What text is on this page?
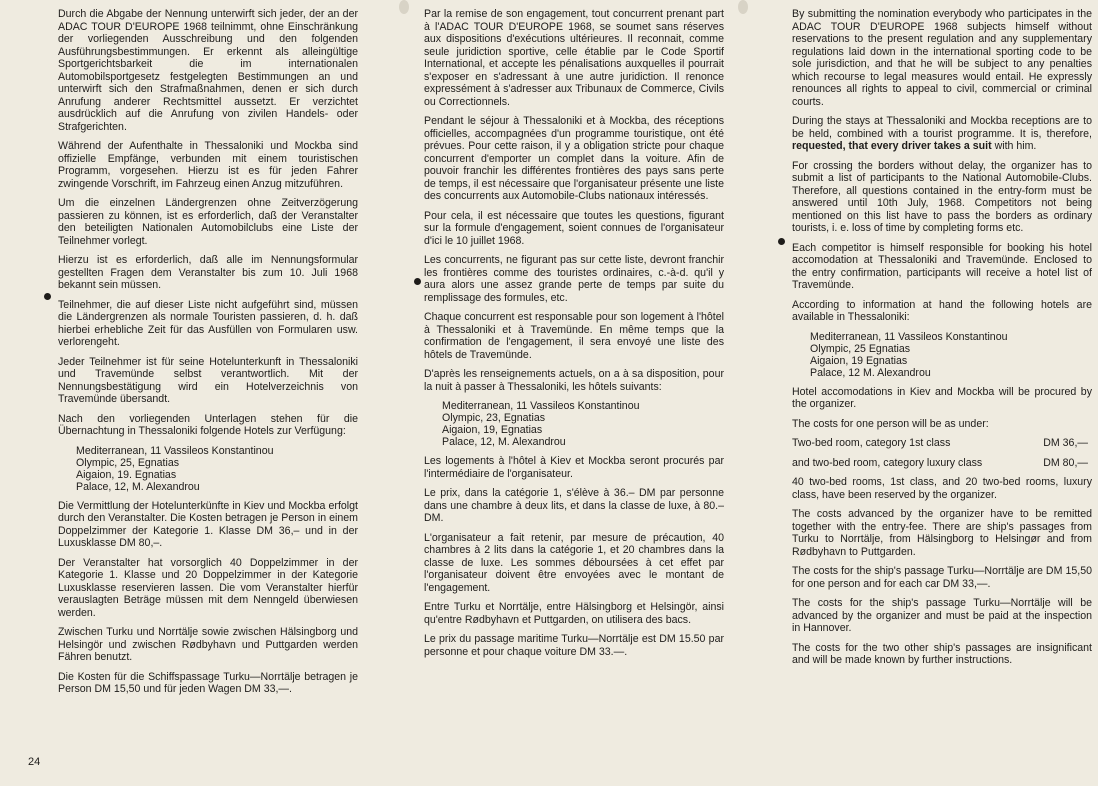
Durch die Abgabe der Nennung unterwirft sich jeder, der an der ADAC TOUR D'EUROPE 1968 teilnimmt, ohne Einschränkung der vorliegenden Ausschreibung und den folgenden Ausführungsbestimmungen. Er erkennt als alleingültige Sportgerichtsbarkeit die im internationalen Automobilsportgesetz festgelegten Bestimmungen an und unterwirft sich den Strafmaßnahmen, denen er sich durch Anrufung anderer Rechtsmittel aussetzt. Er verzichtet ausdrücklich auf die Anrufung von zivilen Handels- oder Strafgerichten.

Während der Aufenthalte in Thessaloniki und Mockba sind offizielle Empfänge, verbunden mit einem touristischen Programm, vorgesehen. Hierzu ist es für jeden Fahrer zwingende Vorschrift, im Fahrzeug einen Anzug mitzuführen.

Um die einzelnen Ländergrenzen ohne Zeitverzögerung passieren zu können, ist es erforderlich, daß der Veranstalter den beteiligten Nationalen Automobilclubs eine Liste der Teilnehmer vorlegt.

Hierzu ist es erforderlich, daß alle im Nennungsformular gestellten Fragen dem Veranstalter bis zum 10. Juli 1968 bekannt sein müssen.

Teilnehmer, die auf dieser Liste nicht aufgeführt sind, müssen die Ländergrenzen als normale Touristen passieren, d. h. daß hierbei erhebliche Zeit für das Ausfüllen von Formularen usw. verlorengeht.

Jeder Teilnehmer ist für seine Hotelunterkunft in Thessaloniki und Travemünde selbst verantwortlich. Mit der Nennungsbestätigung wird ein Hotelverzeichnis von Travemünde übersandt.

Nach den vorliegenden Unterlagen stehen für die Übernachtung in Thessaloniki folgende Hotels zur Verfügung:

Mediterranean, 11 Vassileos Konstantinou
Olympic, 25, Egnatias
Aigaion, 19. Egnatias
Palace, 12, M. Alexandrou

Die Vermittlung der Hotelunterkünfte in Kiev und Mockba erfolgt durch den Veranstalter. Die Kosten betragen je Person in einem Doppelzimmer der Kategorie 1. Klasse DM 36,– und in der Luxusklasse DM 80,–.

Der Veranstalter hat vorsorglich 40 Doppelzimmer in der Kategorie 1. Klasse und 20 Doppelzimmer in der Kategorie Luxusklasse reservieren lassen. Die vom Veranstalter hierfür verauslagten Beträge müssen mit dem Nenngeld überwiesen werden.

Zwischen Turku und Norrtälje sowie zwischen Hälsingborg und Helsingör und zwischen Rødbyhavn und Puttgarden werden Fähren benutzt.

Die Kosten für die Schiffspassage Turku—Norrtälje betragen je Person DM 15,50 und für jeden Wagen DM 33,—.

Par la remise de son engagement, tout concurrent prenant part à l'ADAC TOUR D'EUROPE 1968, se soumet sans réserves aux dispositions d'exécutions ultérieures. Il reconnait, comme seule juridiction sportive, celle établie par le Code Sportif International, et accepte les pénalisations auxquelles il pourrait s'exposer en s'adressant à une autre juridiction. Il renonce expressément à s'adresser aux Tribunaux de Commerce, Civils ou Correctionnels.

Pendant le séjour à Thessaloniki et à Mockba, des réceptions officielles, accompagnées d'un programme touristique, ont été prévues. Pour cette raison, il y a obligation stricte pour chaque concurrent d'emporter un complet dans la voiture. Afin de pouvoir franchir les différentes frontières des pays sans perte de temps, il est nécessaire que l'organisateur présente une liste des concurrents aux Automobile-Clubs nationaux intéressés.

Pour cela, il est nécessaire que toutes les questions, figurant sur la formule d'engagement, soient connues de l'organisateur d'ici le 10 juillet 1968.

Les concurrents, ne figurant pas sur cette liste, devront franchir les frontières comme des touristes ordinaires, c.-à-d. qu'il y aura alors une assez grande perte de temps par suite du remplissage des formules, etc.

Chaque concurrent est responsable pour son logement à l'hôtel à Thessaloniki et à Travemünde. En même temps que la confirmation de l'engagement, il sera envoyé une liste des hôtels de Travemünde.

D'après les renseignements actuels, on a à sa disposition, pour la nuit à passer à Thessaloniki, les hôtels suivants:

Mediterranean, 11 Vassileos Konstantinou
Olympic, 23, Egnatias
Aigaion, 19, Egnatias
Palace, 12, M. Alexandrou

Les logements à l'hôtel à Kiev et Mockba seront procurés par l'intermédiaire de l'organisateur.

Le prix, dans la catégorie 1, s'élève à 36.– DM par personne dans une chambre à deux lits, et dans la classe de luxe, à 80.– DM.

L'organisateur a fait retenir, par mesure de précaution, 40 chambres à 2 lits dans la catégorie 1, et 20 chambres dans la classe de luxe. Les sommes déboursées à cet effet par l'organisateur doivent être envoyées avec le montant de l'engagement.

Entre Turku et Norrtälje, entre Hälsingborg et Helsingör, ainsi qu'entre Rødbyhavn et Puttgarden, on utilisera des bacs.

Le prix du passage maritime Turku—Norrtälje est DM 15.50 par personne et pour chaque voiture DM 33.—.

By submitting the nomination everybody who participates in the ADAC TOUR D'EUROPE 1968 subjects himself without reservations to the present regulation and any supplementary regulations laid down in the international sporting code to be sole jurisdiction, and that he will be subject to any penalties which recourse to legal measures would entail. He expressly renounces all rights to appeal to civil, commercial or criminal courts.

During the stays at Thessaloniki and Mockba receptions are to be held, combined with a tourist programme. It is, therefore, requested, that every driver takes a suit with him.

For crossing the borders without delay, the organizer has to submit a list of participants to the National Automobile-Clubs. Therefore, all questions contained in the entry-form must be answered until 10th July, 1968. Competitors not being mentioned on this list have to pass the borders as ordinary tourists, i. e. loss of time by completing forms etc.

Each competitor is himself responsible for booking his hotel accomodation at Thessaloniki and Travemünde. Enclosed to the entry confirmation, participants will receive a hotel list of Travemünde.

According to information at hand the following hotels are available in Thessaloniki:

Mediterranean, 11 Vassileos Konstantinou
Olympic, 25 Egnatias
Aigaion, 19 Egnatias
Palace, 12 M. Alexandrou

Hotel accomodations in Kiev and Mockba will be procured by the organizer.

The costs for one person will be as under:

Two-bed room, category 1st class	DM 36,—
and two-bed room, category luxury class	DM 80,—

40 two-bed rooms, 1st class, and 20 two-bed rooms, luxury class, have been reserved by the organizer.

The costs advanced by the organizer have to be remitted together with the entry-fee. There are ship's passages from Turku to Norrtälje, from Hälsingborg to Helsingør and from Rødbyhavn to Puttgarden.

The costs for the ship's passage Turku—Norrtälje are DM 15,50 for one person and for each car DM 33,—.

The costs for the ship's passage Turku—Norrtälje will be advanced by the organizer and must be paid at the inspection in Hannover.

The costs for the two other ship's passages are insignificant and will be made known by further instructions.

24
